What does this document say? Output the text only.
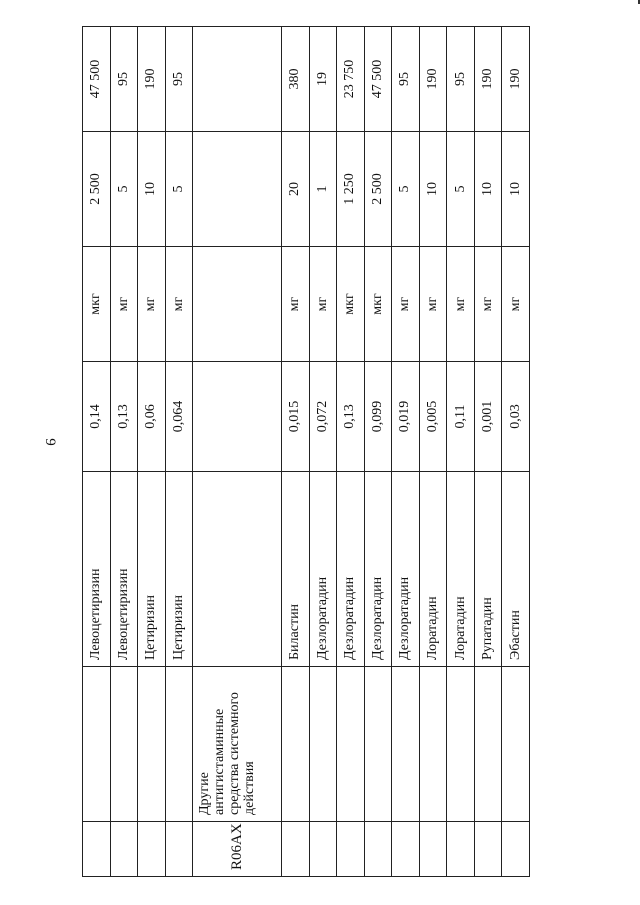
9
		Левоцетиризин	0,14	мкг	2 500	47 500
		Левоцетиризин	0,13	мг	5	95
		Цетиризин	0,06	мг	10	190
		Цетиризин	0,064	мг	5	95
R06AX	Другие антигистаминные средства системного действия					
		Биластин	0,015	мг	20	380
		Дезлоратадин	0,072	мг	1	19
		Дезлоратадин	0,13	мкг	1 250	23 750
		Дезлоратадин	0,099	мкг	2 500	47 500
		Дезлоратадин	0,019	мг	5	95
		Лоратадин	0,005	мг	10	190
		Лоратадин	0,11	мг	5	95
		Рупатадин	0,001	мг	10	190
		Эбастин	0,03	мг	10	190
